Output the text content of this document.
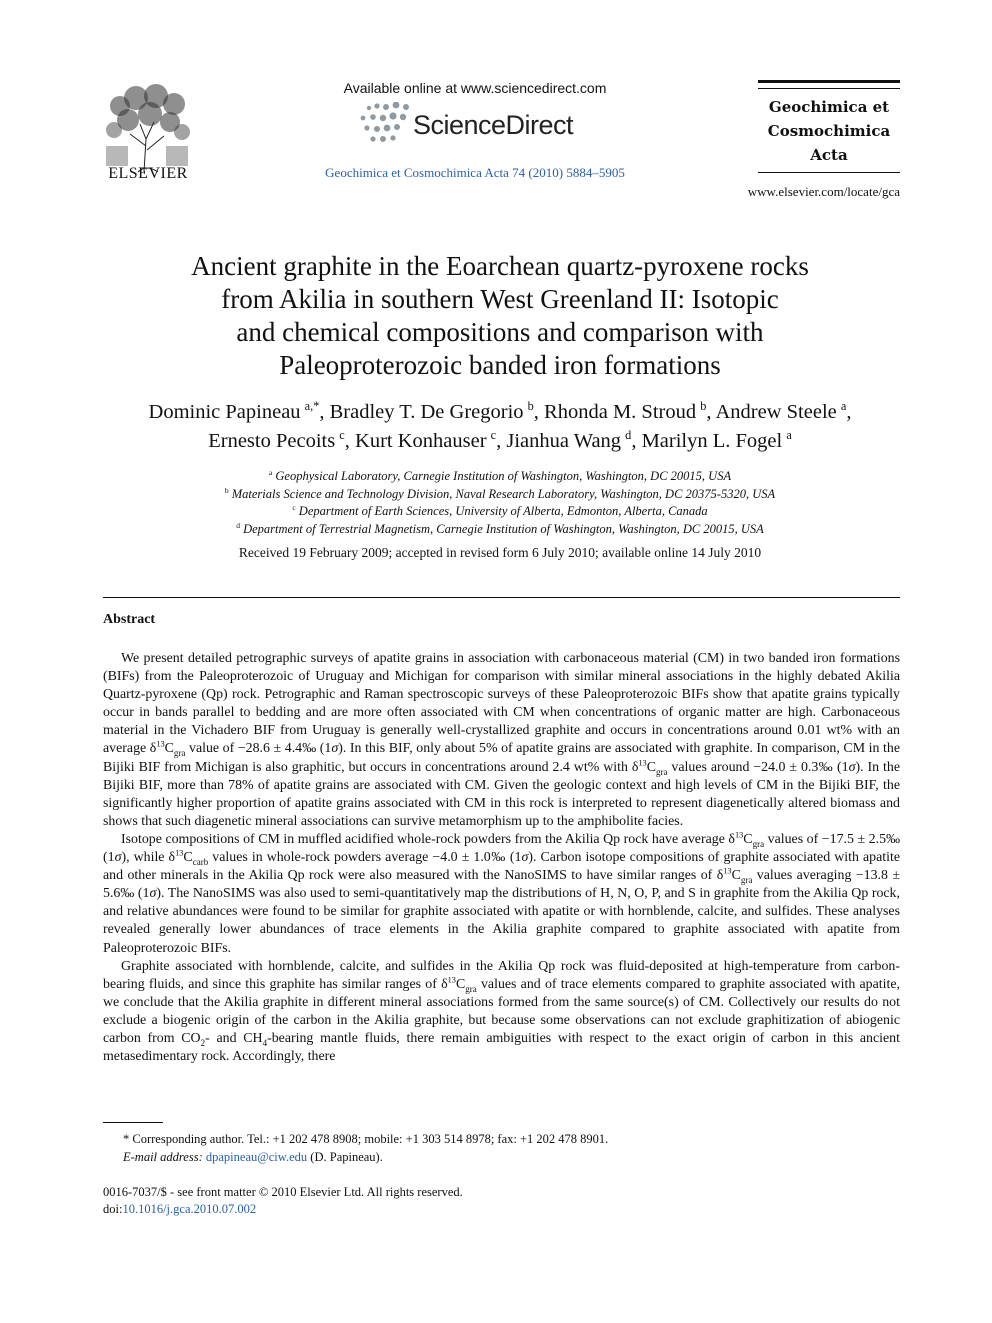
ELSEVIER
Available online at www.sciencedirect.com
ScienceDirect
Geochimica et Cosmochimica Acta 74 (2010) 5884–5905
Geochimica et
Cosmochimica
Acta
www.elsevier.com/locate/gca
Ancient graphite in the Eoarchean quartz-pyroxene rocks
from Akilia in southern West Greenland II: Isotopic
and chemical compositions and comparison with
Paleoproterozoic banded iron formations
Dominic Papineau  $^{a,*}$, Bradley T. De Gregorio  $^b$, Rhonda M. Stroud  $^b$, Andrew Steele  $^a$,
Ernesto Pecoits  $^c$, Kurt Konhauser  $^c$, Jianhua Wang  $^d$, Marilyn L. Fogel  $^a$
$^a$ Geophysical Laboratory, Carnegie Institution of Washington, Washington, DC 20015, USA
$^b$ Materials Science and Technology Division, Naval Research Laboratory, Washington, DC 20375-5320, USA
$^c$ Department of Earth Sciences, University of Alberta, Edmonton, Alberta, Canada
$^d$ Department of Terrestrial Magnetism, Carnegie Institution of Washington, Washington, DC 20015, USA
Received 19 February 2009; accepted in revised form 6 July 2010; available online 14 July 2010
Abstract

We present detailed petrographic surveys of apatite grains in association with carbonaceous material (CM) in two banded iron formations (BIFs) from the Paleoproterozoic of Uruguay and Michigan for comparison with similar mineral associations in the highly debated Akilia Quartz-pyroxene (Qp) rock. Petrographic and Raman spectroscopic surveys of these Paleoproterozoic BIFs show that apatite grains typically occur in bands parallel to bedding and are more often associated with CM when concentrations of organic matter are high. Carbonaceous material in the Vichadero BIF from Uruguay is generally well-crystallized graphite and occurs in concentrations around 0.01 wt% with an average $\delta^{13}C_{gra}$ value of −28.6 ± 4.4‰ (1σ). In this BIF, only about 5% of apatite grains are associated with graphite. In comparison, CM in the Bijiki BIF from Michigan is also graphitic, but occurs in concentrations around 2.4 wt% with $\delta^{13}C_{gra}$ values around −24.0 ± 0.3‰ (1σ). In the Bijiki BIF, more than 78% of apatite grains are associated with CM. Given the geologic context and high levels of CM in the Bijiki BIF, the significantly higher proportion of apatite grains associated with CM in this rock is interpreted to represent diagenetically altered biomass and shows that such diagenetic mineral associations can survive metamorphism up to the amphibolite facies.

Isotope compositions of CM in muffled acidified whole-rock powders from the Akilia Qp rock have average $\delta^{13}C_{gra}$ values of −17.5 ± 2.5‰ (1σ), while $\delta^{13}C_{carb}$ values in whole-rock powders average −4.0 ± 1.0‰ (1σ). Carbon isotope compositions of graphite associated with apatite and other minerals in the Akilia Qp rock were also measured with the NanoSIMS to have similar ranges of $\delta^{13}C_{gra}$ values averaging −13.8 ± 5.6‰ (1σ). The NanoSIMS was also used to semi-quantitatively map the distributions of H, N, O, P, and S in graphite from the Akilia Qp rock, and relative abundances were found to be similar for graphite associated with apatite or with hornblende, calcite, and sulfides. These analyses revealed generally lower abundances of trace elements in the Akilia graphite compared to graphite associated with apatite from Paleoproterozoic BIFs.

Graphite associated with hornblende, calcite, and sulfides in the Akilia Qp rock was fluid-deposited at high-temperature from carbon-bearing fluids, and since this graphite has similar ranges of $\delta^{13}C_{gra}$ values and of trace elements compared to graphite associated with apatite, we conclude that the Akilia graphite in different mineral associations formed from the same source(s) of CM. Collectively our results do not exclude a biogenic origin of the carbon in the Akilia graphite, but because some observations can not exclude graphitization of abiogenic carbon from $CO_2-$ and $CH_4$-bearing mantle fluids, there remain ambiguities with respect to the exact origin of carbon in this ancient metasedimentary rock. Accordingly, there

* Corresponding author. Tel.: +1 202 478 8908; mobile: +1 303 514 8978; fax: +1 202 478 8901.
E-mail address: dpapineau@ciw.edu (D. Papineau).
0016-7037/$ - see front matter © 2010 Elsevier Ltd. All rights reserved.
doi:10.1016/j.gca.2010.07.002
